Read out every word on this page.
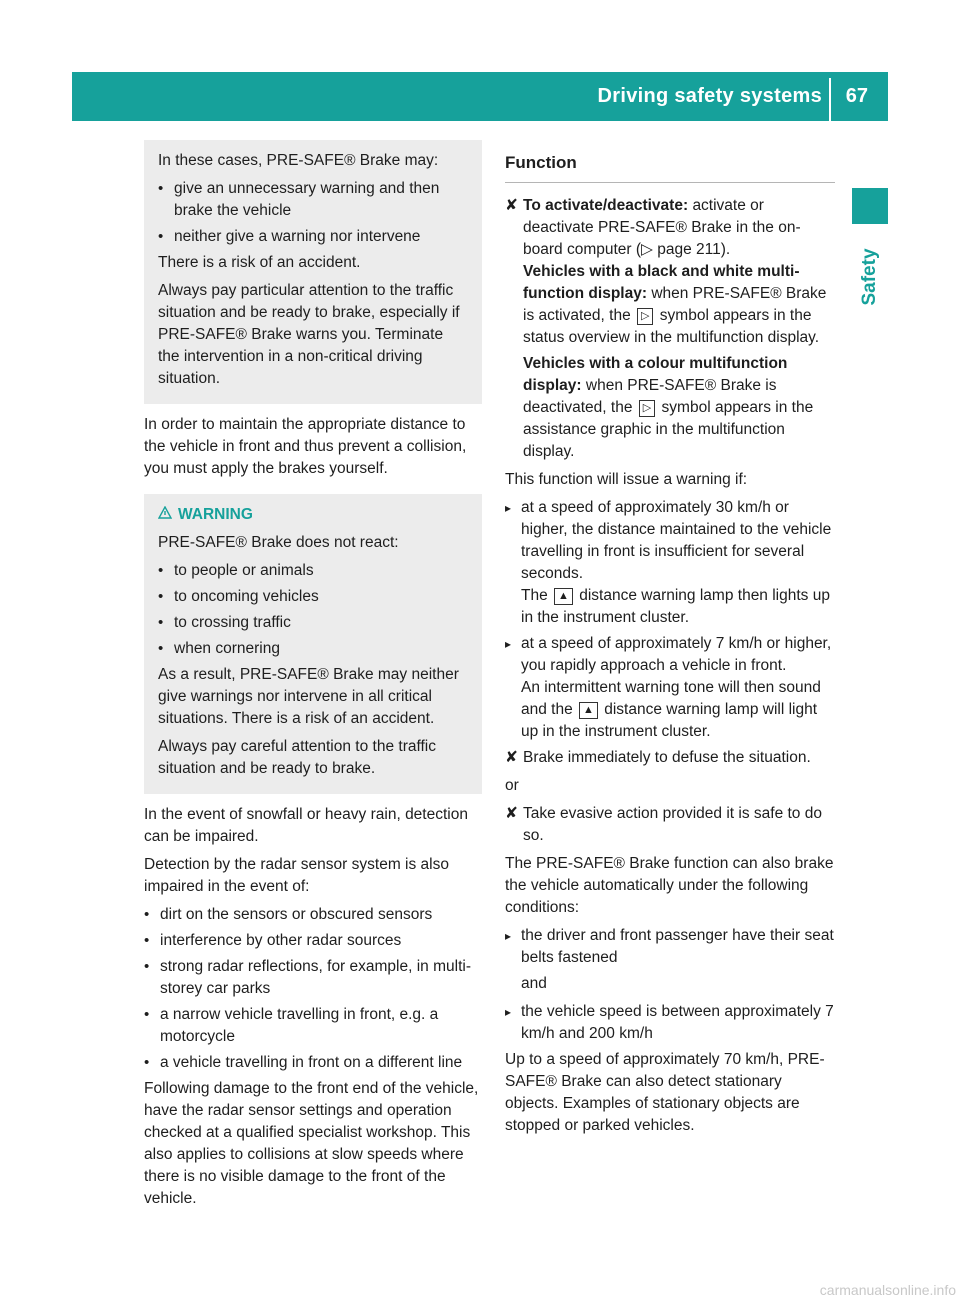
Driving safety systems 67
Safety

In these cases, PRE-SAFE® Brake may:

• give an unnecessary warning and then brake the vehicle
• neither give a warning nor intervene

There is a risk of an accident.

Always pay particular attention to the traffic situation and be ready to brake, especially if PRE-SAFE® Brake warns you. Terminate the intervention in a non-critical driving situation.

In order to maintain the appropriate distance to the vehicle in front and thus prevent a collision, you must apply the brakes yourself.

WARNING

PRE-SAFE® Brake does not react:

• to people or animals
• to oncoming vehicles
• to crossing traffic
• when cornering

As a result, PRE-SAFE® Brake may neither give warnings nor intervene in all critical situations. There is a risk of an accident.

Always pay careful attention to the traffic situation and be ready to brake.

In the event of snowfall or heavy rain, detection can be impaired.

Detection by the radar sensor system is also impaired in the event of:

• dirt on the sensors or obscured sensors
• interference by other radar sources
• strong radar reflections, for example, in multi-storey car parks
• a narrow vehicle travelling in front, e.g. a motorcycle
• a vehicle travelling in front on a different line

Following damage to the front end of the vehicle, have the radar sensor settings and operation checked at a qualified specialist workshop. This also applies to collisions at slow speeds where there is no visible damage to the front of the vehicle.

Function
✘ To activate/deactivate: activate or deactivate PRE-SAFE® Brake in the on-board computer (▷ page 211).
Vehicles with a black and white multi-function display: when PRE-SAFE® Brake is activated, the ▷ symbol appears in the status overview in the multifunction display.
Vehicles with a colour multifunction display: when PRE-SAFE® Brake is deactivated, the ▷ symbol appears in the assistance graphic in the multifunction display.

This function will issue a warning if:

▸ at a speed of approximately 30 km/h or higher, the distance maintained to the vehicle travelling in front is insufficient for several seconds.
The ▲ distance warning lamp then lights up in the instrument cluster.
▸ at a speed of approximately 7 km/h or higher, you rapidly approach a vehicle in front.
An intermittent warning tone will then sound and the ▲ distance warning lamp will light up in the instrument cluster.
✘ Brake immediately to defuse the situation.

or

✘ Take evasive action provided it is safe to do so.

The PRE-SAFE® Brake function can also brake the vehicle automatically under the following conditions:

▸ the driver and front passenger have their seat belts fastened

and

▸ the vehicle speed is between approximately 7 km/h and 200 km/h

Up to a speed of approximately 70 km/h, PRE-SAFE® Brake can also detect stationary objects. Examples of stationary objects are stopped or parked vehicles.

carmanualsonline.info
